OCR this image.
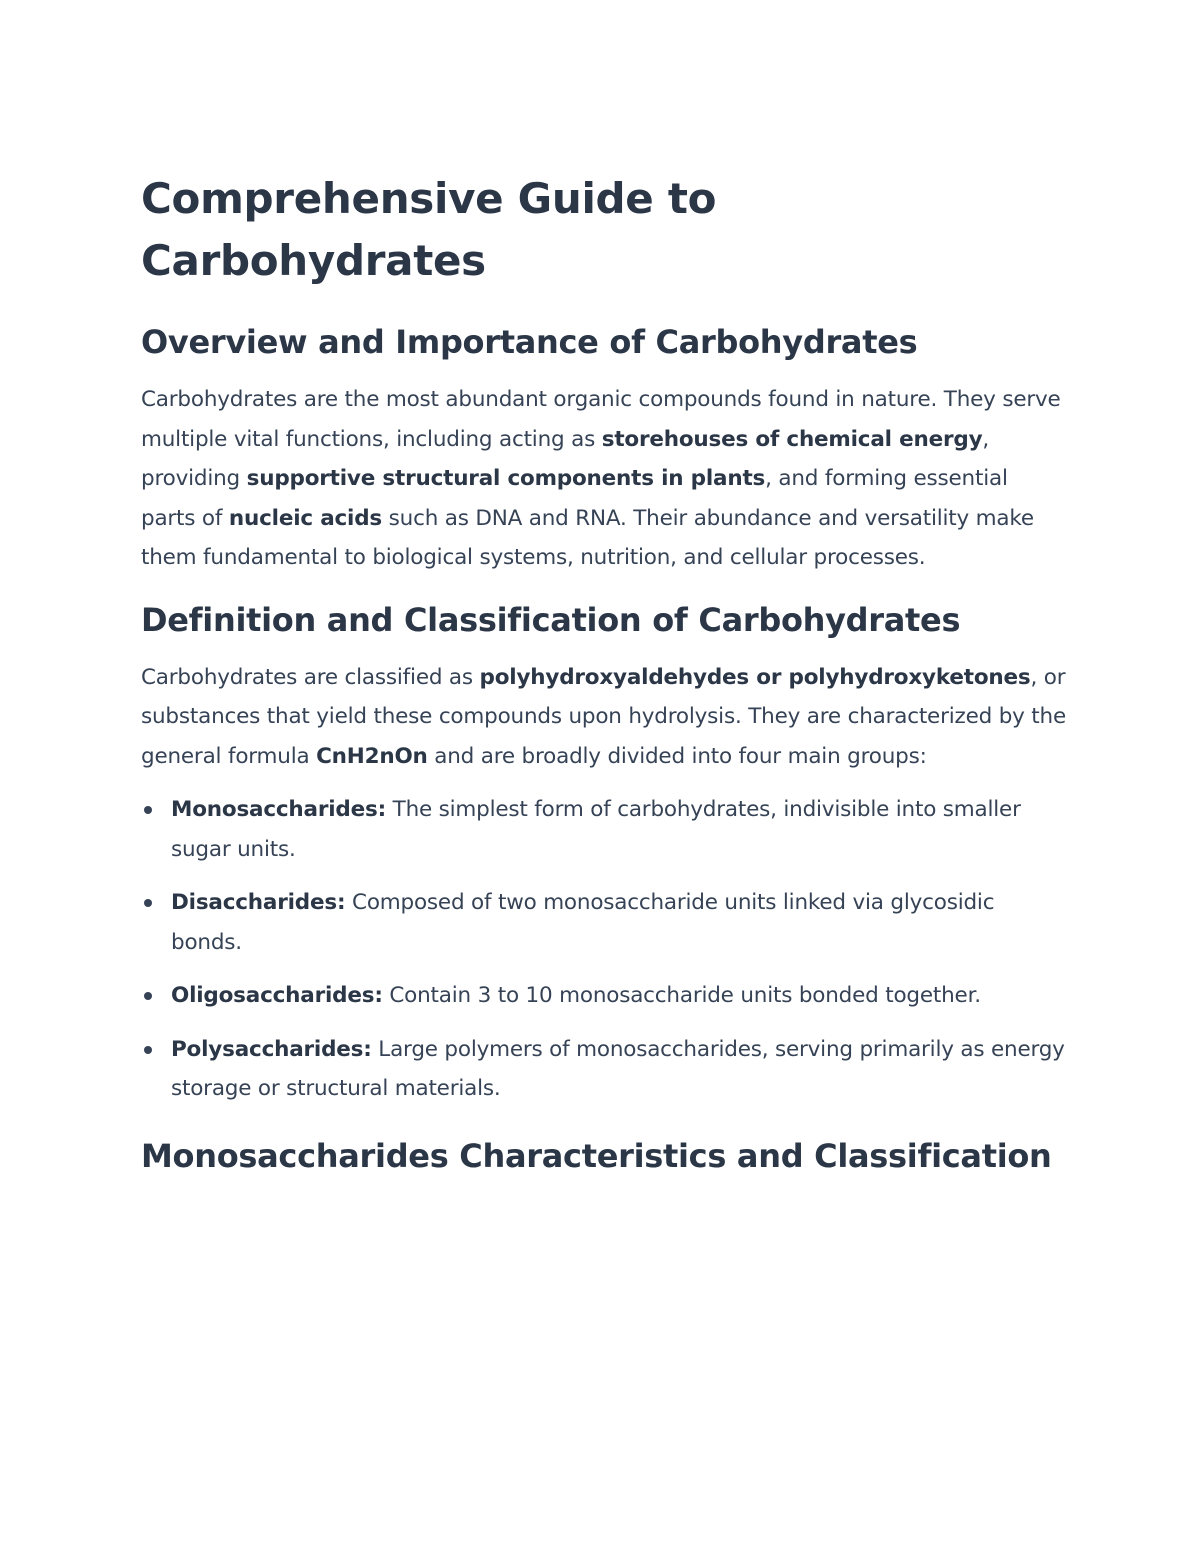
Comprehensive Guide to Carbohydrates
Overview and Importance of Carbohydrates

Carbohydrates are the most abundant organic compounds found in nature. They serve multiple vital functions, including acting as storehouses of chemical energy, providing supportive structural components in plants, and forming essential parts of nucleic acids such as DNA and RNA. Their abundance and versatility make them fundamental to biological systems, nutrition, and cellular processes.

Definition and Classification of Carbohydrates

Carbohydrates are classified as polyhydroxyaldehydes or polyhydroxyketones, or substances that yield these compounds upon hydrolysis. They are characterized by the general formula CnH2nOn and are broadly divided into four main groups:

Monosaccharides: The simplest form of carbohydrates, indivisible into smaller sugar units.
Disaccharides: Composed of two monosaccharide units linked via glycosidic bonds.
Oligosaccharides: Contain 3 to 10 monosaccharide units bonded together.
Polysaccharides: Large polymers of monosaccharides, serving primarily as energy storage or structural materials.
Monosaccharides Characteristics and Classification
